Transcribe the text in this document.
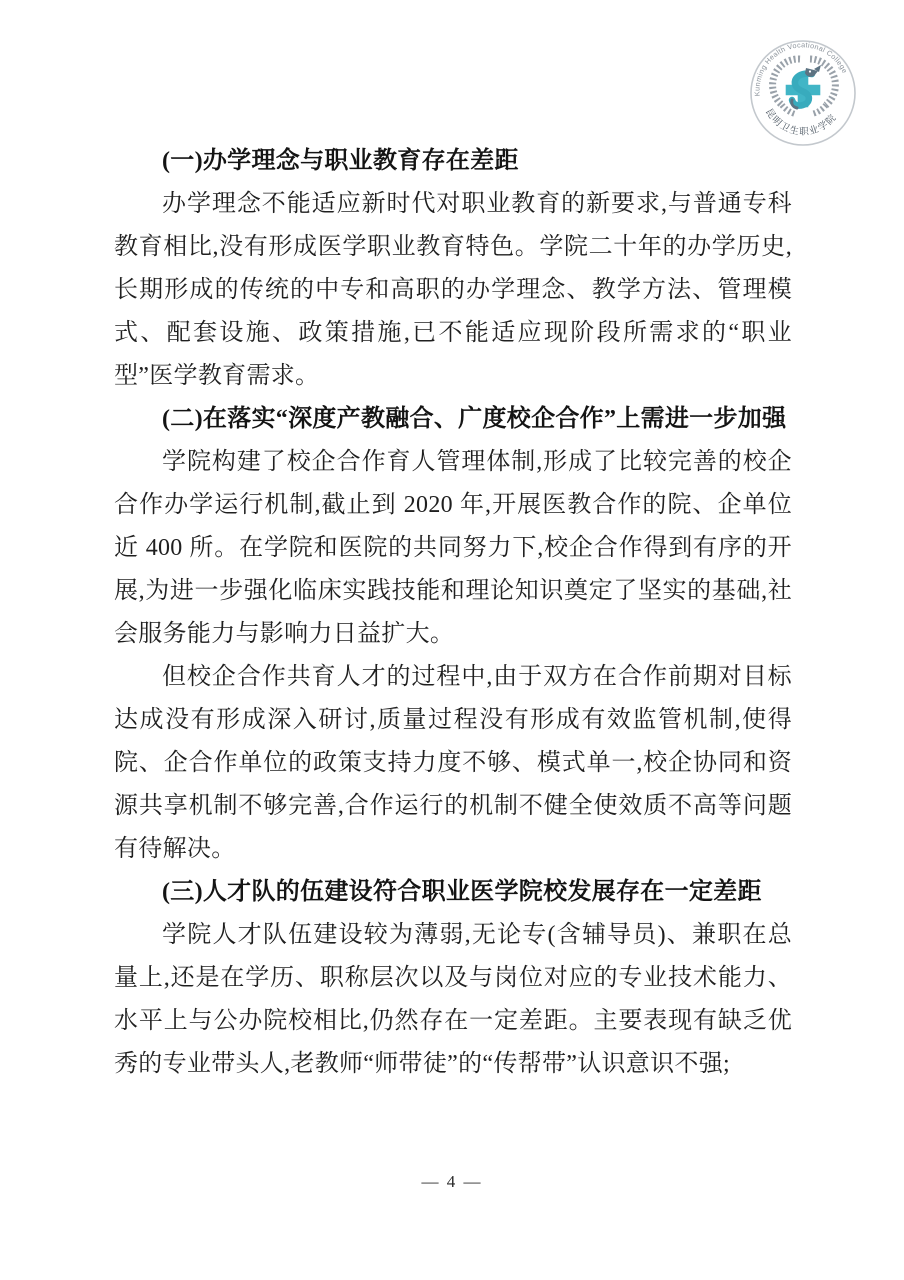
Kunming Health Vocational College
昆明卫生职业学院
(一)办学理念与职业教育存在差距

办学理念不能适应新时代对职业教育的新要求,与普通专科教育相比,没有形成医学职业教育特色。学院二十年的办学历史,长期形成的传统的中专和高职的办学理念、教学方法、管理模式、配套设施、政策措施,已不能适应现阶段所需求的“职业型”医学教育需求。

(二)在落实“深度产教融合、广度校企合作”上需进一步加强

学院构建了校企合作育人管理体制,形成了比较完善的校企合作办学运行机制,截止到 2020 年,开展医教合作的院、企单位近 400 所。在学院和医院的共同努力下,校企合作得到有序的开展,为进一步强化临床实践技能和理论知识奠定了坚实的基础,社会服务能力与影响力日益扩大。

但校企合作共育人才的过程中,由于双方在合作前期对目标达成没有形成深入研讨,质量过程没有形成有效监管机制,使得院、企合作单位的政策支持力度不够、模式单一,校企协同和资源共享机制不够完善,合作运行的机制不健全使效质不高等问题有待解决。

(三)人才队的伍建设符合职业医学院校发展存在一定差距

学院人才队伍建设较为薄弱,无论专(含辅导员)、兼职在总量上,还是在学历、职称层次以及与岗位对应的专业技术能力、水平上与公办院校相比,仍然存在一定差距。主要表现有缺乏优秀的专业带头人,老教师“师带徒”的“传帮带”认识意识不强;

— 4 —
